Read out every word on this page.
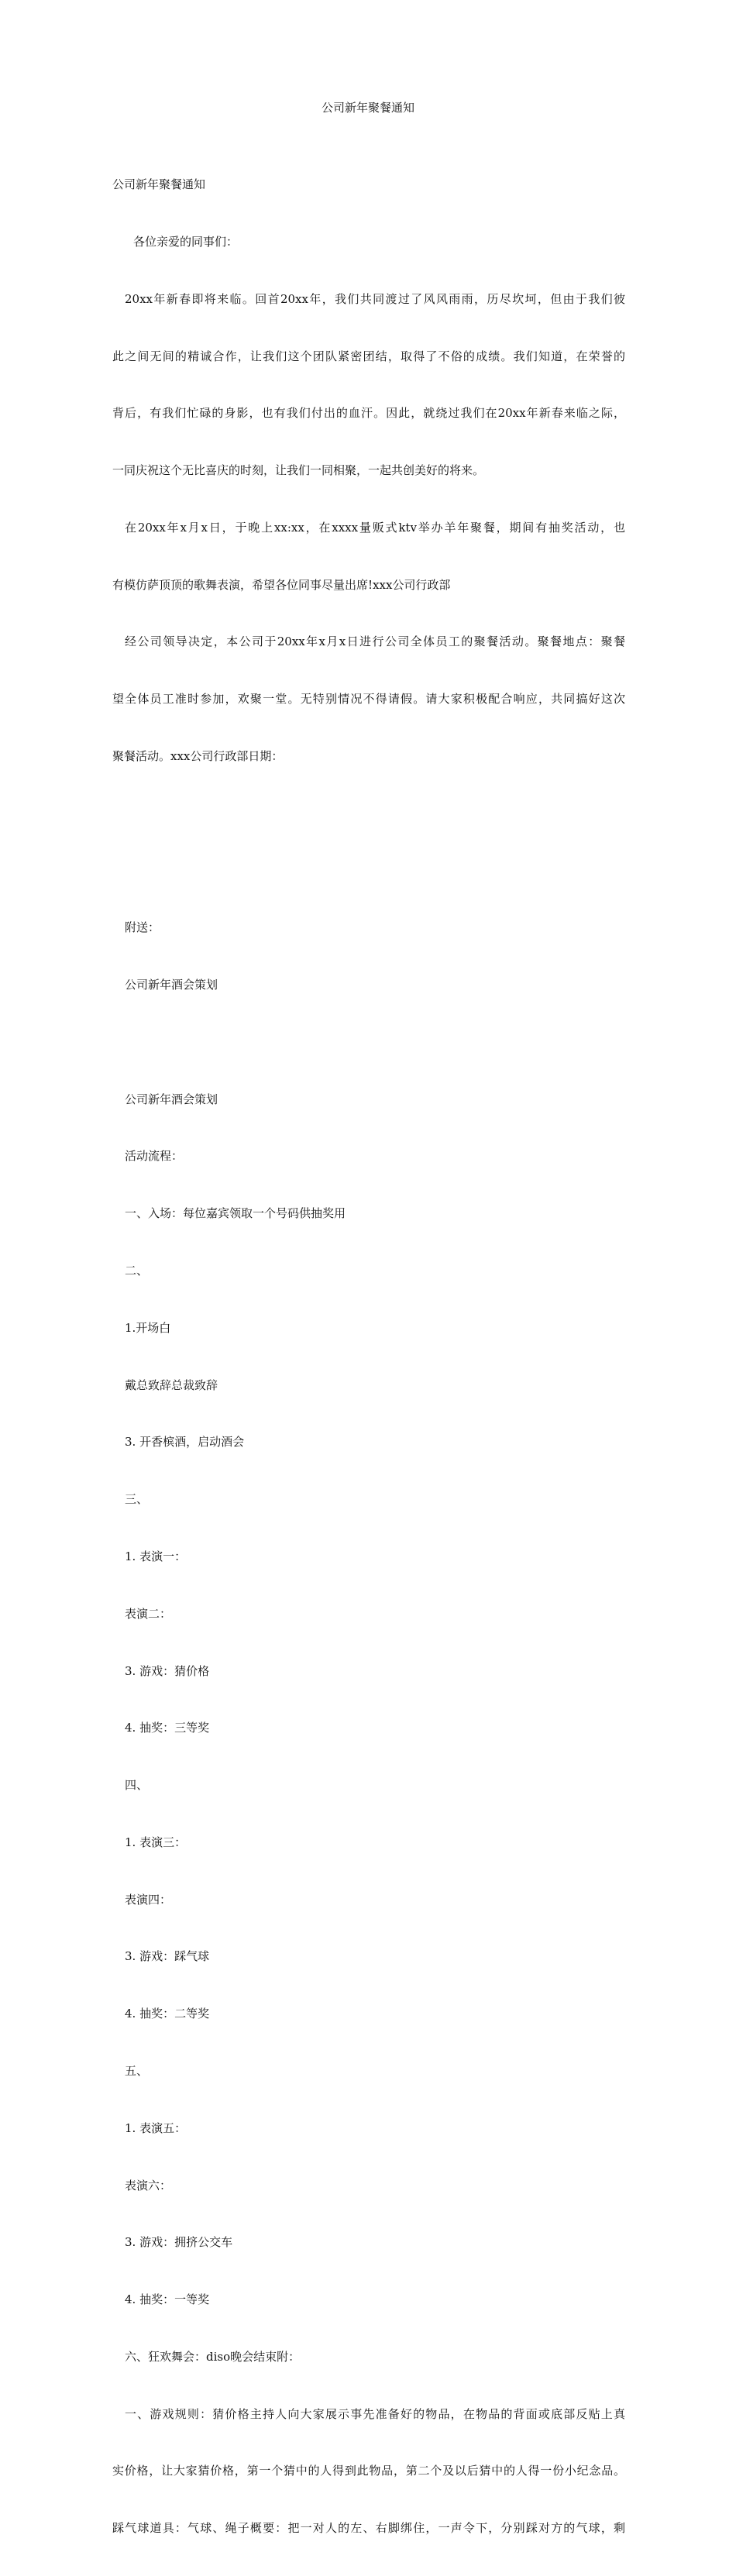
公司新年聚餐通知

公司新年聚餐通知

各位亲爱的同事们：

20xx年新春即将来临。回首20xx年，我们共同渡过了风风雨雨，历尽坎坷，但由于我们彼

此之间无间的精诚合作，让我们这个团队紧密团结，取得了不俗的成绩。我们知道，在荣誉的

背后，有我们忙碌的身影，也有我们付出的血汗。因此，就绕过我们在20xx年新春来临之际，

一同庆祝这个无比喜庆的时刻，让我们一同相聚，一起共创美好的将来。

在20xx年x月x日，于晚上xx:xx，在xxxx量贩式ktv举办羊年聚餐，期间有抽奖活动，也

有模仿萨顶顶的歌舞表演，希望各位同事尽量出席!xxx公司行政部

经公司领导决定，本公司于20xx年x月x日进行公司全体员工的聚餐活动。聚餐地点：聚餐

望全体员工准时参加，欢聚一堂。无特别情况不得请假。请大家积极配合响应，共同搞好这次

聚餐活动。xxx公司行政部日期：

附送：

公司新年酒会策划

公司新年酒会策划

活动流程：

一、入场：每位嘉宾领取一个号码供抽奖用

二、

1.开场白

戴总致辞总裁致辞

3. 开香槟酒，启动酒会

三、

1. 表演一：

表演二：

3. 游戏：猜价格

4. 抽奖：三等奖

四、

1. 表演三：

表演四：

3. 游戏：踩气球

4. 抽奖：二等奖

五、

1. 表演五：

表演六：

3. 游戏：拥挤公交车

4. 抽奖：一等奖

六、狂欢舞会：diso晚会结束附：

一、游戏规则：猜价格主持人向大家展示事先准备好的物品，在物品的背面或底部反贴上真

实价格，让大家猜价格，第一个猜中的人得到此物品，第二个及以后猜中的人得一份小纪念品。

踩气球道具：气球、绳子概要：把一对人的左、右脚绑住，一声令下，分别踩对方的气球，剩
